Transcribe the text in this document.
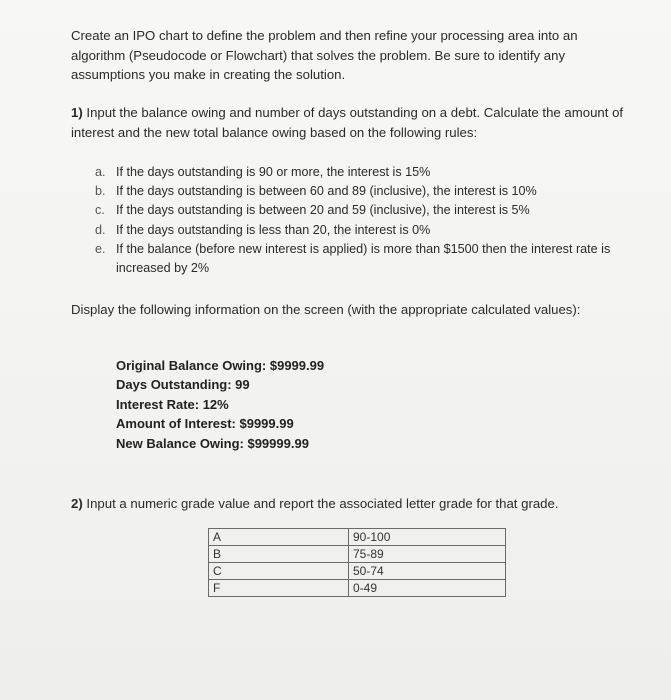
Create an IPO chart to define the problem and then refine your processing area into an algorithm (Pseudocode or Flowchart) that solves the problem. Be sure to identify any assumptions you make in creating the solution.

1) Input the balance owing and number of days outstanding on a debt. Calculate the amount of interest and the new total balance owing based on the following rules:

a. If the days outstanding is 90 or more, the interest is 15%
b. If the days outstanding is between 60 and 89 (inclusive), the interest is 10%
c. If the days outstanding is between 20 and 59 (inclusive), the interest is 5%
d. If the days outstanding is less than 20, the interest is 0%
e. If the balance (before new interest is applied) is more than $1500 then the interest rate is increased by 2%

Display the following information on the screen (with the appropriate calculated values):

Original Balance Owing: $9999.99
Days Outstanding: 99
Interest Rate: 12%
Amount of Interest: $9999.99
New Balance Owing: $99999.99

2) Input a numeric grade value and report the associated letter grade for that grade.

A	90-100
B	75-89
C	50-74
F	0-49
